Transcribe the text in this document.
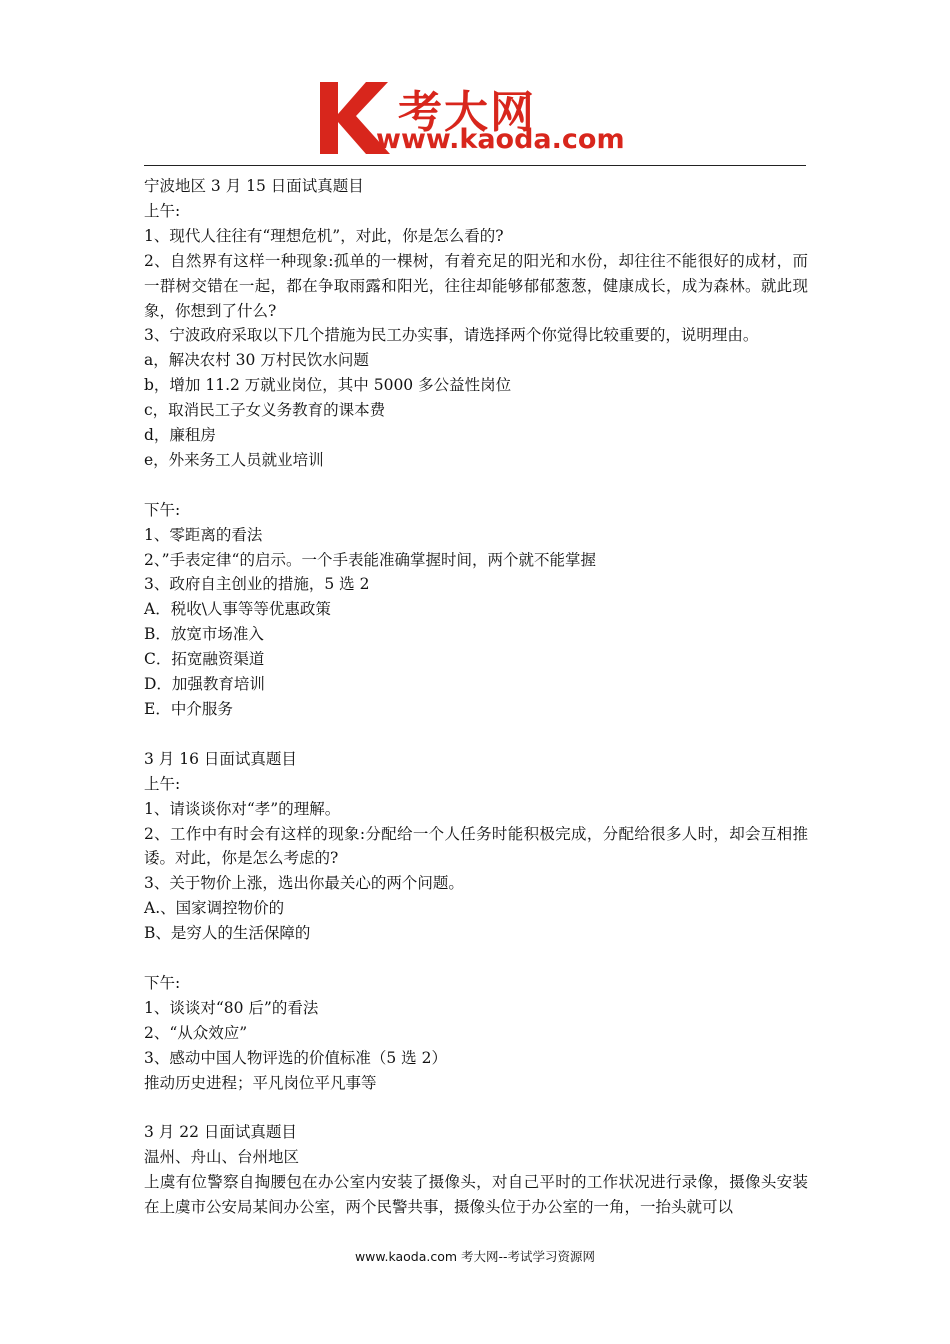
考大网
www.kaoda.com

宁波地区 3 月 15 日面试真题目

上午:

1、现代人往往有“理想危机”，对此，你是怎么看的?

2、自然界有这样一种现象:孤单的一棵树，有着充足的阳光和水份，却往往不能很好的成材，而一群树交错在一起，都在争取雨露和阳光，往往却能够郁郁葱葱，健康成长，成为森林。就此现象，你想到了什么?

3、宁波政府采取以下几个措施为民工办实事，请选择两个你觉得比较重要的，说明理由。

a，解决农村 30 万村民饮水问题

b，增加 11.2 万就业岗位，其中 5000 多公益性岗位

c，取消民工子女义务教育的课本费

d，廉租房

e，外来务工人员就业培训

下午:

1、零距离的看法

2、”手表定律“的启示。一个手表能准确掌握时间，两个就不能掌握

3、政府自主创业的措施，5 选 2

A．税收\人事等等优惠政策

B．放宽市场准入

C．拓宽融资渠道

D．加强教育培训

E．中介服务

3 月 16 日面试真题目

上午:

1、请谈谈你对“孝”的理解。

2、工作中有时会有这样的现象:分配给一个人任务时能积极完成，分配给很多人时，却会互相推诿。对此，你是怎么考虑的?

3、关于物价上涨，选出你最关心的两个问题。

A.、国家调控物价的

B、是穷人的生活保障的

下午:

1、谈谈对“80 后”的看法

2、“从众效应”

3、感动中国人物评选的价值标准（5 选 2）

推动历史进程；平凡岗位平凡事等

3 月 22 日面试真题目

温州、舟山、台州地区

上虞有位警察自掏腰包在办公室内安装了摄像头，对自己平时的工作状况进行录像，摄像头安装在上虞市公安局某间办公室，两个民警共事，摄像头位于办公室的一角，一抬头就可以

www.kaoda.com 考大网--考试学习资源网
